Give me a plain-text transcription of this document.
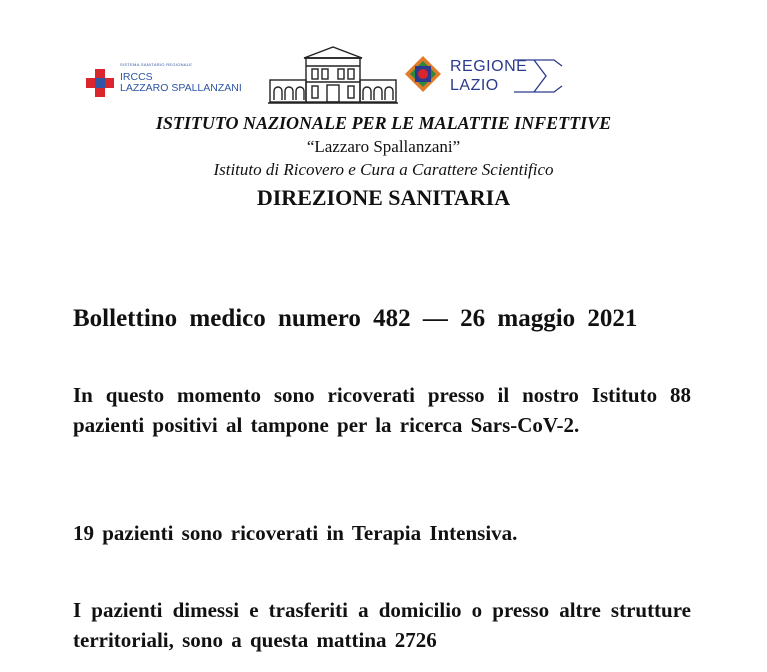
SISTEMA SANITARIO REGIONALE
IRCCS
LAZZARO SPALLANZANI
REGIONE
LAZIO
ISTITUTO NAZIONALE PER LE MALATTIE INFETTIVE
“Lazzaro Spallanzani”
Istituto di Ricovero e Cura a Carattere Scientifico
DIREZIONE SANITARIA

Bollettino medico numero 482 — 26 maggio 2021

In questo momento sono ricoverati presso il nostro Istituto 88 pazienti positivi al tampone per la ricerca Sars-CoV-2.

19 pazienti sono ricoverati in Terapia Intensiva.

I pazienti dimessi e trasferiti a domicilio o presso altre strutture territoriali, sono a questa mattina 2726
